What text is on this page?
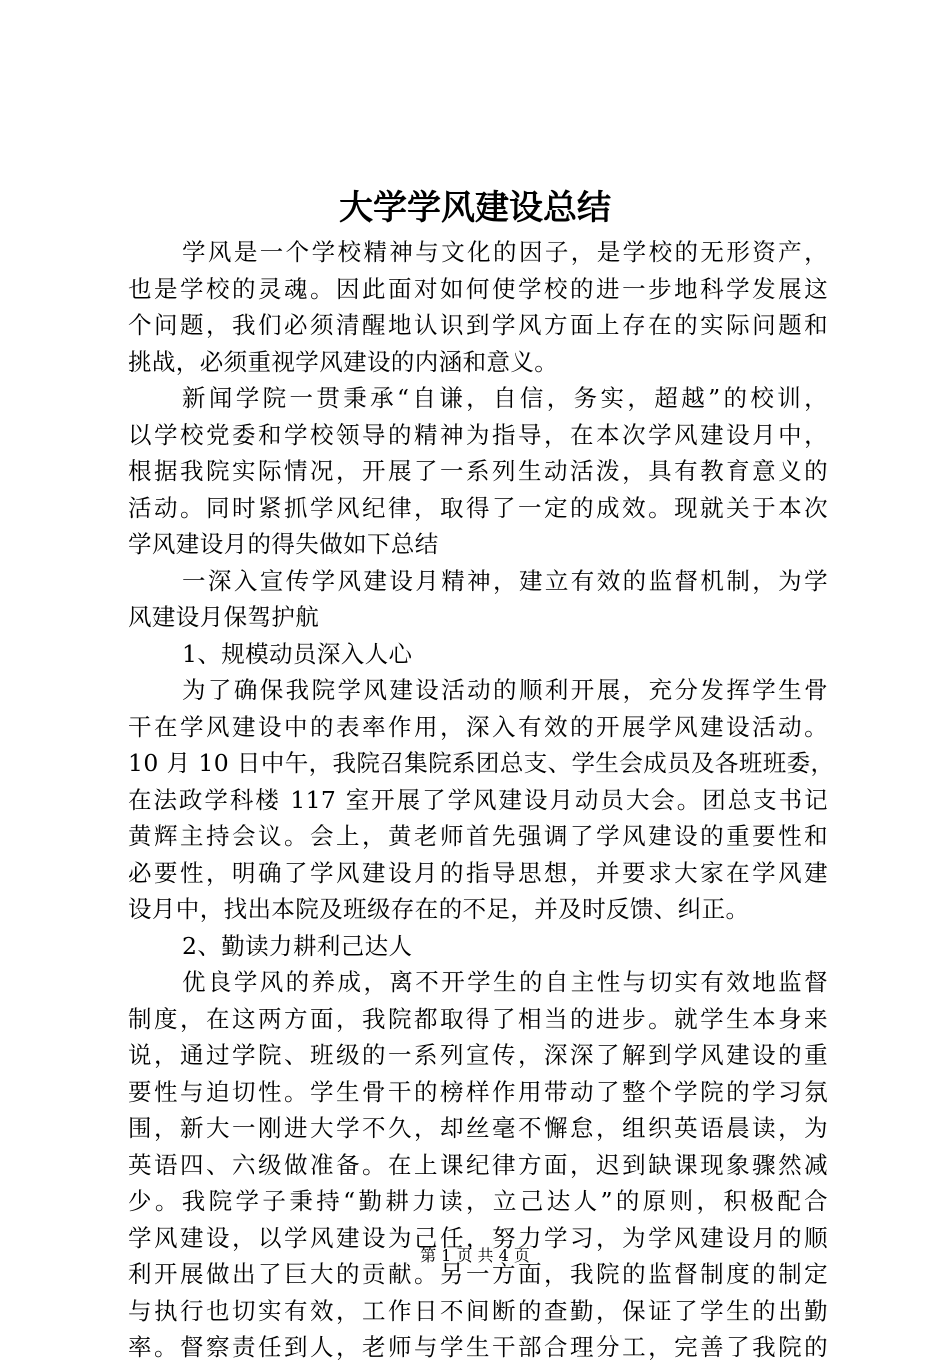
大学学风建设总结
学风是一个学校精神与文化的因子，是学校的无形资产，
也是学校的灵魂。因此面对如何使学校的进一步地科学发展这
个问题，我们必须清醒地认识到学风方面上存在的实际问题和
挑战，必须重视学风建设的内涵和意义。
新闻学院一贯秉承“自谦，自信，务实，超越”的校训，
以学校党委和学校领导的精神为指导，在本次学风建设月中，
根据我院实际情况，开展了一系列生动活泼，具有教育意义的
活动。同时紧抓学风纪律，取得了一定的成效。现就关于本次
学风建设月的得失做如下总结
一深入宣传学风建设月精神，建立有效的监督机制，为学
风建设月保驾护航
1、规模动员深入人心
为了确保我院学风建设活动的顺利开展，充分发挥学生骨
干在学风建设中的表率作用，深入有效的开展学风建设活动。
10 月 10 日中午，我院召集院系团总支、学生会成员及各班班委，
在法政学科楼 117 室开展了学风建设月动员大会。团总支书记
黄辉主持会议。会上，黄老师首先强调了学风建设的重要性和
必要性，明确了学风建设月的指导思想，并要求大家在学风建
设月中，找出本院及班级存在的不足，并及时反馈、纠正。
2、勤读力耕利己达人
优良学风的养成，离不开学生的自主性与切实有效地监督
制度，在这两方面，我院都取得了相当的进步。就学生本身来
说，通过学院、班级的一系列宣传，深深了解到学风建设的重
要性与迫切性。学生骨干的榜样作用带动了整个学院的学习氛
围，新大一刚进大学不久，却丝毫不懈怠，组织英语晨读，为
英语四、六级做准备。在上课纪律方面，迟到缺课现象骤然减
少。我院学子秉持“勤耕力读，立己达人”的原则，积极配合
学风建设，以学风建设为己任，努力学习，为学风建设月的顺
利开展做出了巨大的贡献。另一方面，我院的监督制度的制定
与执行也切实有效，工作日不间断的查勤，保证了学生的出勤
率。督察责任到人，老师与学生干部合理分工，完善了我院的
第 1 页 共 4 页
